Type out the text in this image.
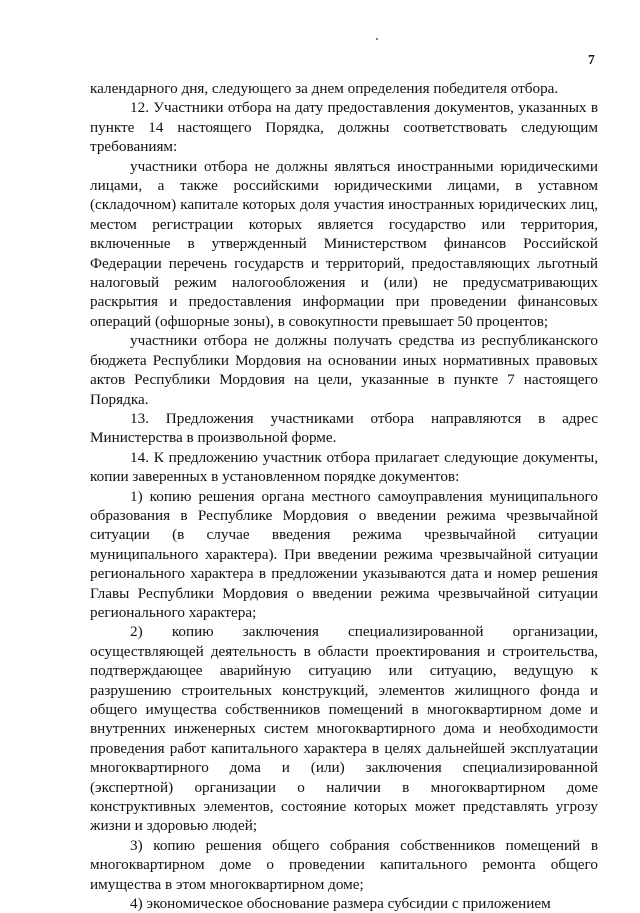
7

календарного дня, следующего за днем определения победителя отбора.

12. Участники отбора на дату предоставления документов, указанных в пункте 14 настоящего Порядка, должны соответствовать следующим требованиям:

участники отбора не должны являться иностранными юридическими лицами, а также российскими юридическими лицами, в уставном (складочном) капитале которых доля участия иностранных юридических лиц, местом регистрации которых является государство или территория, включенные в утвержденный Министерством финансов Российской Федерации перечень государств и территорий, предоставляющих льготный налоговый режим налогообложения и (или) не предусматривающих раскрытия и предоставления информации при проведении финансовых операций (офшорные зоны), в совокупности превышает 50 процентов;

участники отбора не должны получать средства из республиканского бюджета Республики Мордовия на основании иных нормативных правовых актов Республики Мордовия на цели, указанные в пункте 7 настоящего Порядка.

13. Предложения участниками отбора направляются в адрес Министерства в произвольной форме.

14. К предложению участник отбора прилагает следующие документы, копии заверенных в установленном порядке документов:

1) копию решения органа местного самоуправления муниципального образования в Республике Мордовия о введении режима чрезвычайной ситуации (в случае введения режима чрезвычайной ситуации муниципального характера). При введении режима чрезвычайной ситуации регионального характера в предложении указываются дата и номер решения Главы Республики Мордовия о введении режима чрезвычайной ситуации регионального характера;

2) копию заключения специализированной организации, осуществляющей деятельность в области проектирования и строительства, подтверждающее аварийную ситуацию или ситуацию, ведущую к разрушению строительных конструкций, элементов жилищного фонда и общего имущества собственников помещений в многоквартирном доме и внутренних инженерных систем многоквартирного дома и необходимости проведения работ капитального характера в целях дальнейшей эксплуатации многоквартирного дома и (или) заключения специализированной (экспертной) организации о наличии в многоквартирном доме конструктивных элементов, состояние которых может представлять угрозу жизни и здоровью людей;

3) копию решения общего собрания собственников помещений в многоквартирном доме о проведении капитального ремонта общего имущества в этом многоквартирном доме;

4) экономическое обоснование размера субсидии с приложением
